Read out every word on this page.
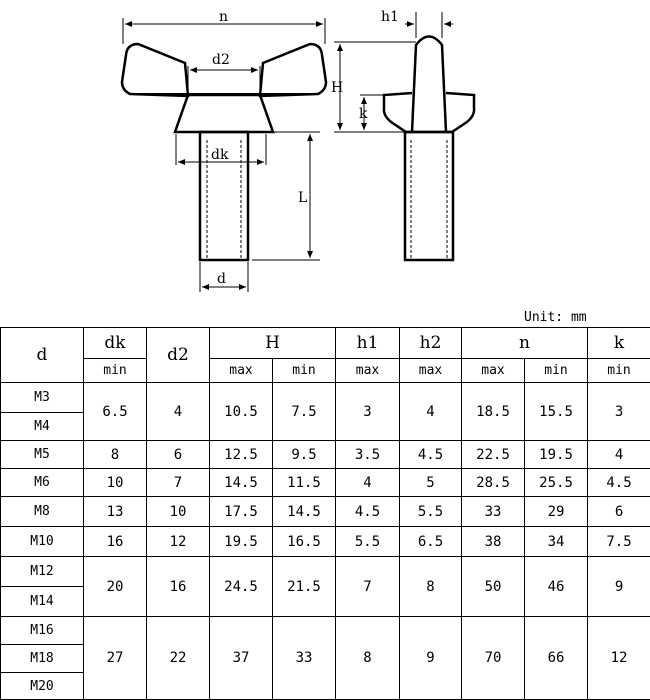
n
d2
dk
L
d
h1
H
k
Unit: mm
d	dk	d2	H		h1	h2	n		k
	min		max	min	max	max	max	min	min
M3	6.5	4	10.5	7.5	3	4	18.5	15.5	3
M4									
M5	8	6	12.5	9.5	3.5	4.5	22.5	19.5	4
M6	10	7	14.5	11.5	4	5	28.5	25.5	4.5
M8	13	10	17.5	14.5	4.5	5.5	33	29	6
M10	16	12	19.5	16.5	5.5	6.5	38	34	7.5
M12	20	16	24.5	21.5	7	8	50	46	9
M14									
M16	27	22	37	33	8	9	70	66	12
M18									
M20									
